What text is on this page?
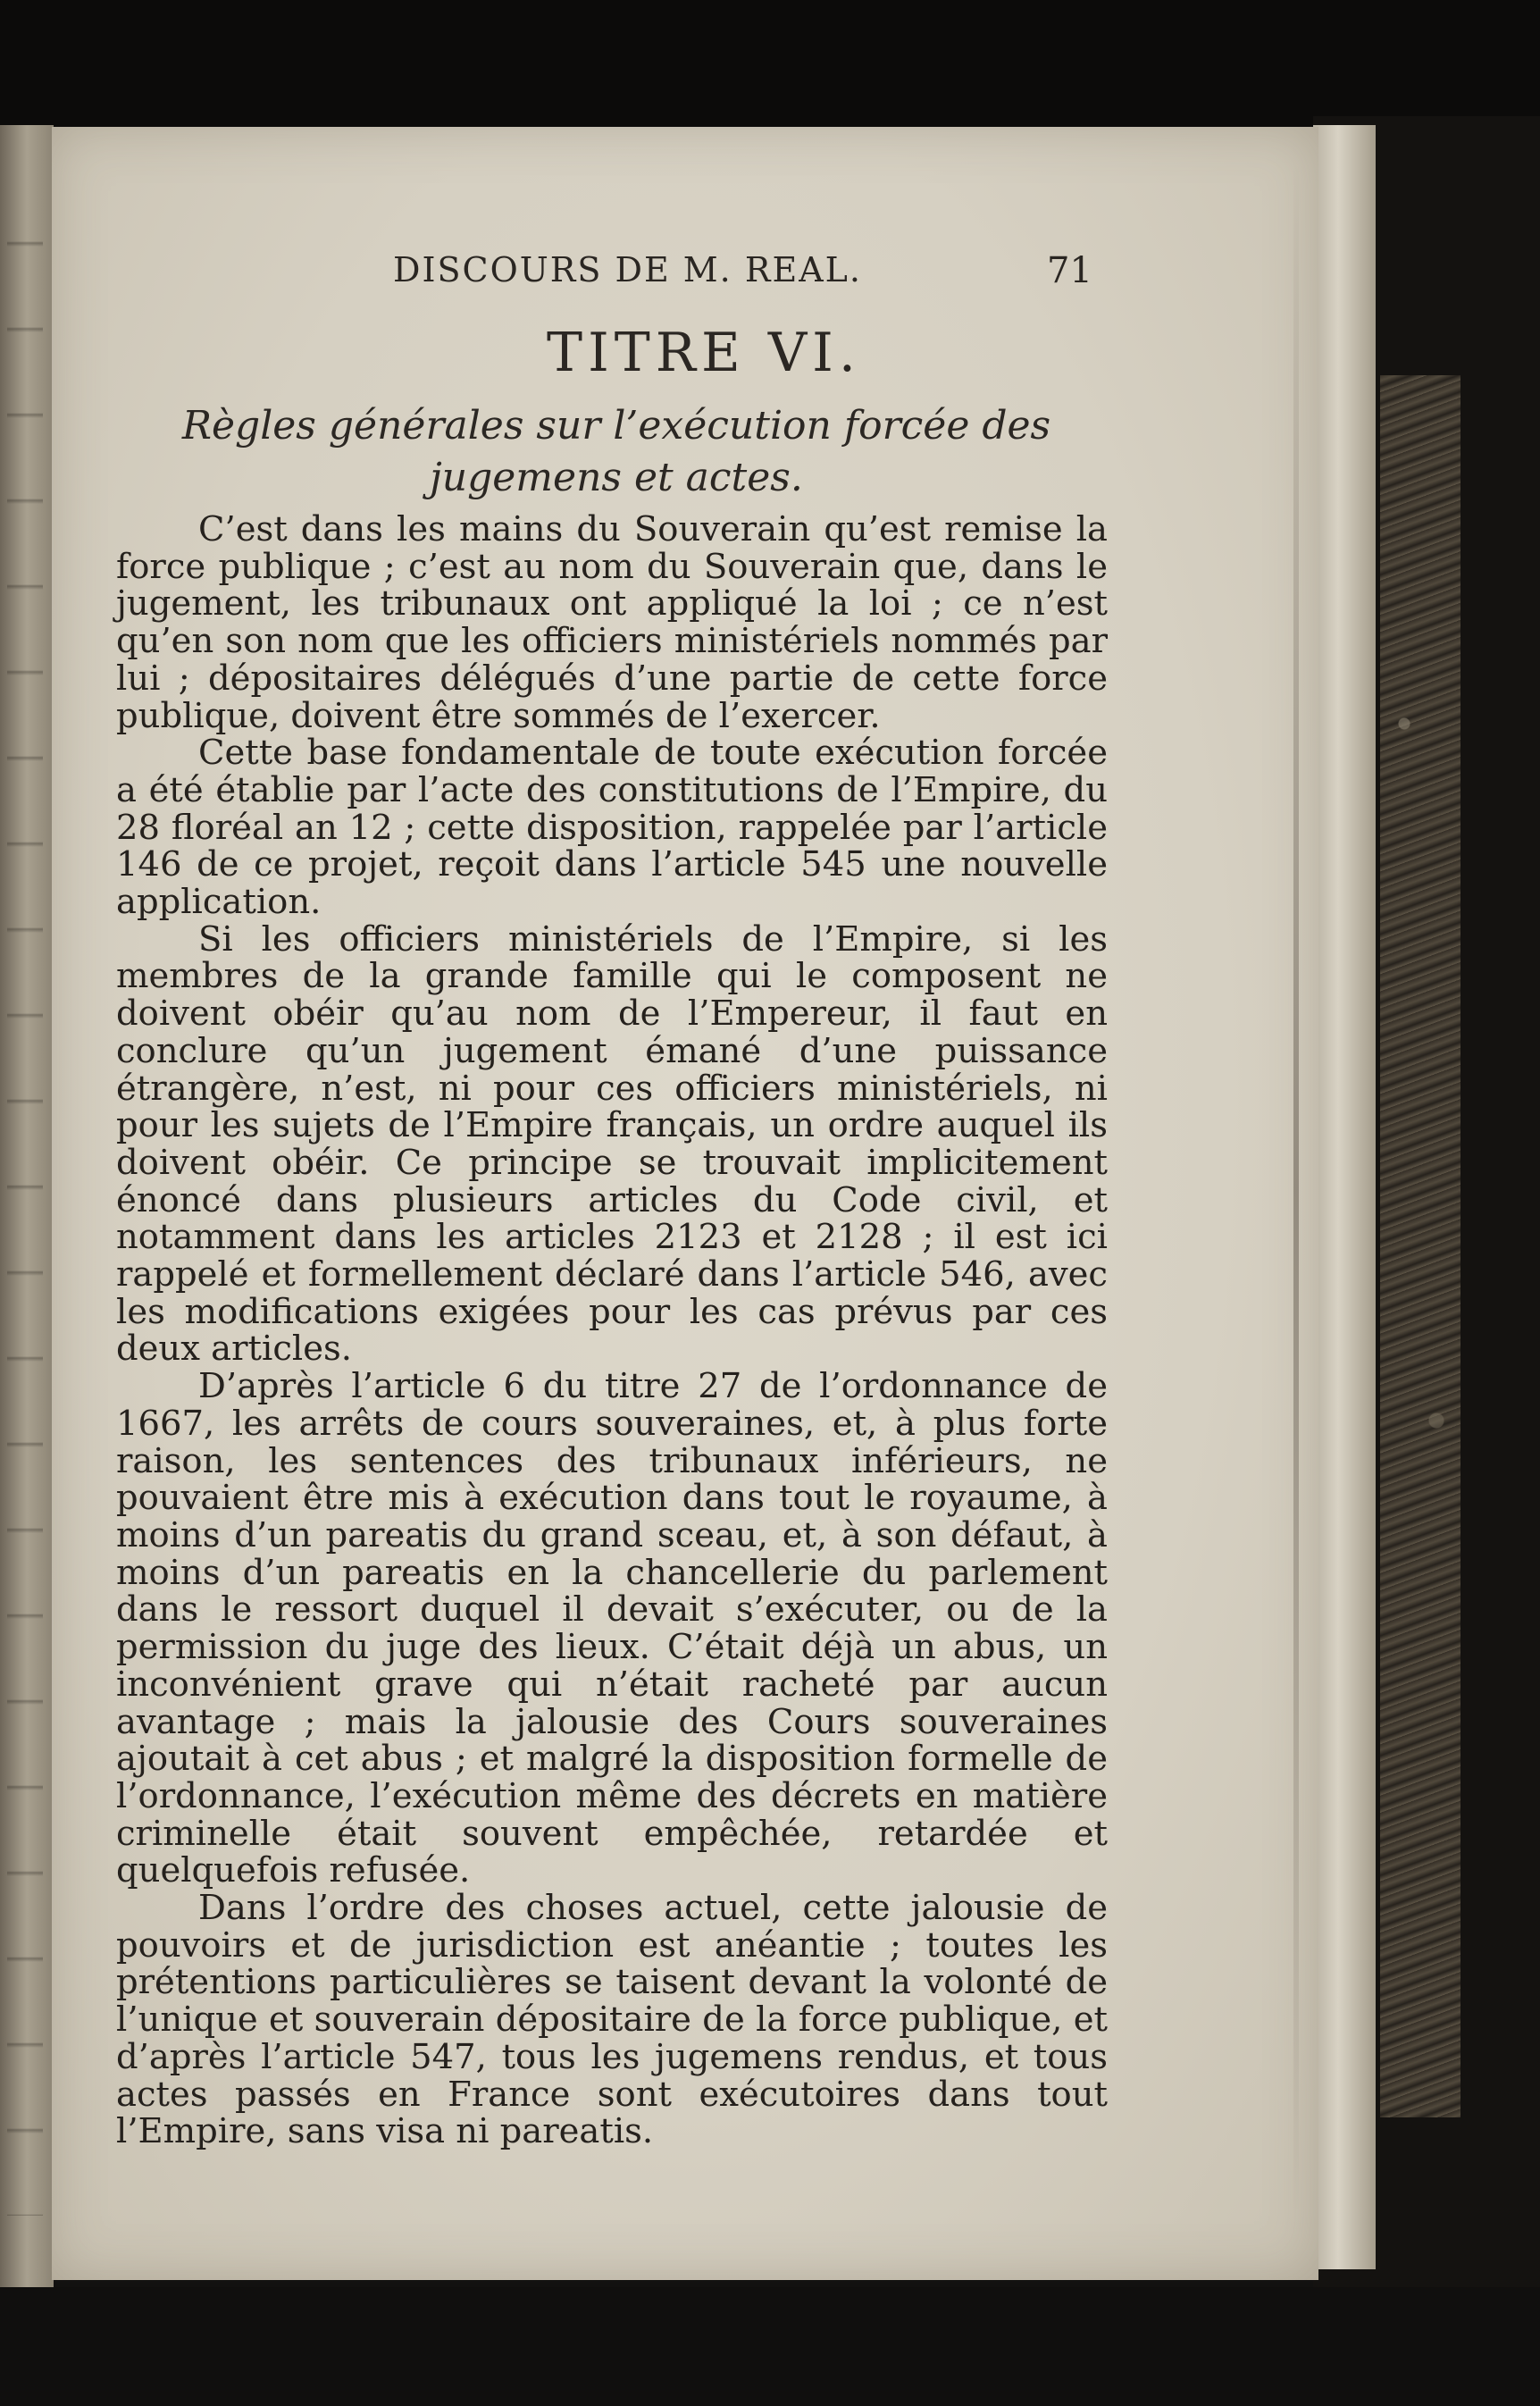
DISCOURS DE M. REAL.	71
TITRE VI.
Règles générales sur l’exécution forcée des jugemens et actes.

C’est dans les mains du Souverain qu’est remise la force publique ; c’est au nom du Souverain que, dans le jugement, les tribunaux ont appliqué la loi ; ce n’est qu’en son nom que les officiers ministériels nommés par lui ; dépositaires délégués d’une partie de cette force publique, doivent être sommés de l’exercer.

Cette base fondamentale de toute exécution forcée a été établie par l’acte des constitutions de l’Empire, du 28 floréal an 12 ; cette disposition, rappelée par l’article 146 de ce projet, reçoit dans l’article 545 une nouvelle application.

Si les officiers ministériels de l’Empire, si les membres de la grande famille qui le composent ne doivent obéir qu’au nom de l’Empereur, il faut en conclure qu’un jugement émané d’une puissance étrangère, n’est, ni pour ces officiers ministériels, ni pour les sujets de l’Empire français, un ordre auquel ils doivent obéir. Ce principe se trouvait implicitement énoncé dans plusieurs articles du Code civil, et notamment dans les articles 2123 et 2128 ; il est ici rappelé et formellement déclaré dans l’article 546, avec les modifications exigées pour les cas prévus par ces deux articles.

D’après l’article 6 du titre 27 de l’ordonnance de 1667, les arrêts de cours souveraines, et, à plus forte raison, les sentences des tribunaux inférieurs, ne pouvaient être mis à exécution dans tout le royaume, à moins d’un pareatis du grand sceau, et, à son défaut, à moins d’un pareatis en la chancellerie du parlement dans le ressort duquel il devait s’exécuter, ou de la permission du juge des lieux. C’était déjà un abus, un inconvénient grave qui n’était racheté par aucun avantage ; mais la jalousie des Cours souveraines ajoutait à cet abus ; et malgré la disposition formelle de l’ordonnance, l’exécution même des décrets en matière criminelle était souvent empêchée, retardée et quelquefois refusée.

Dans l’ordre des choses actuel, cette jalousie de pouvoirs et de jurisdiction est anéantie ; toutes les prétentions particulières se taisent devant la volonté de l’unique et souverain dépositaire de la force publique, et d’après l’article 547, tous les jugemens rendus, et tous actes passés en France sont exécutoires dans tout l’Empire, sans visa ni pareatis.
